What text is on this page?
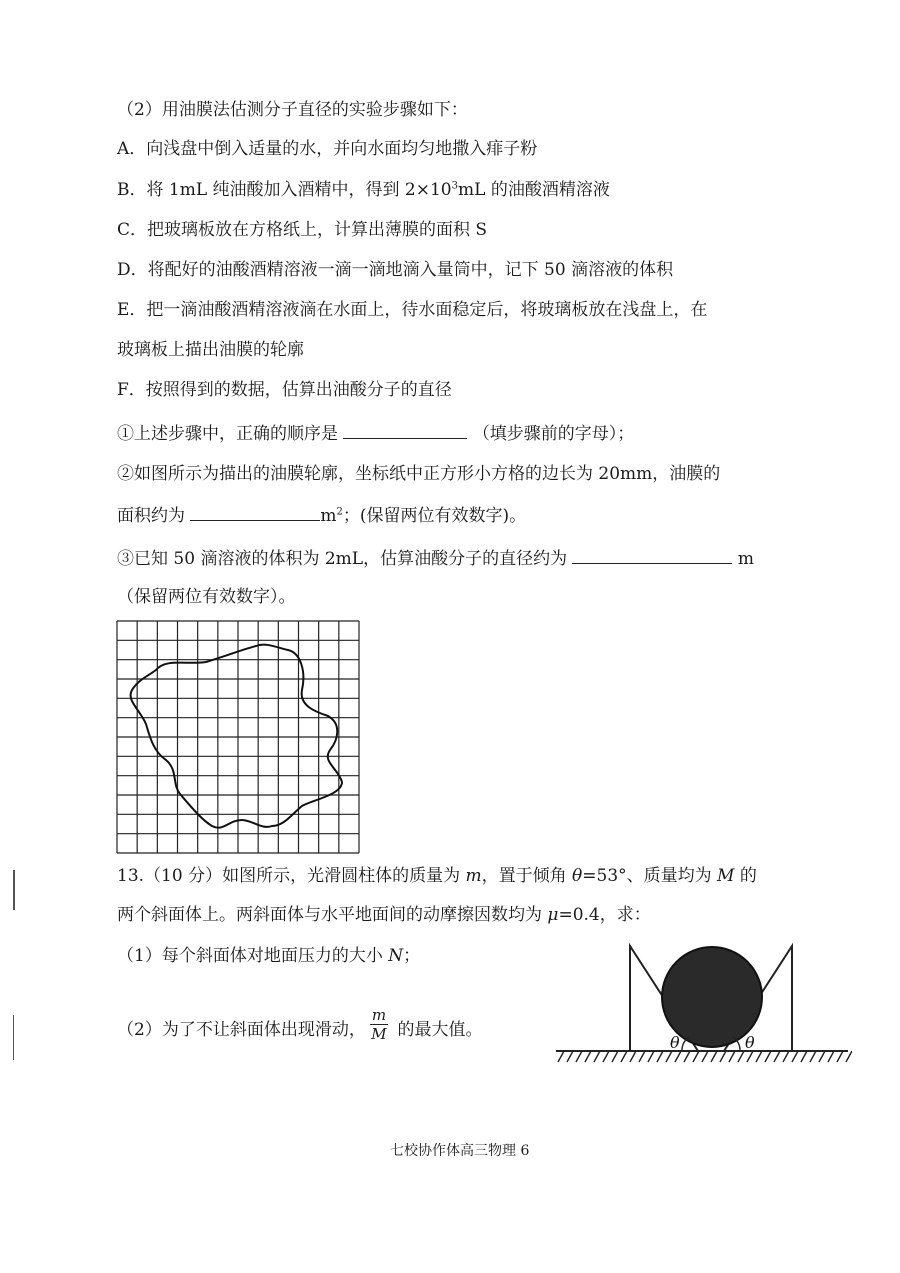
（2）用油膜法估测分子直径的实验步骤如下：
A．向浅盘中倒入适量的水，并向水面均匀地撒入痱子粉
B．将 1mL 纯油酸加入酒精中，得到 $2\times 10^3mL$ 的油酸酒精溶液
C．把玻璃板放在方格纸上，计算出薄膜的面积 S
D．将配好的油酸酒精溶液一滴一滴地滴入量筒中，记下 50 滴溶液的体积
E．把一滴油酸酒精溶液滴在水面上，待水面稳定后，将玻璃板放在浅盘上，在
玻璃板上描出油膜的轮廓
F．按照得到的数据，估算出油酸分子的直径
①上述步骤中，正确的顺序是	（填步骤前的字母）；
②如图所示为描出的油膜轮廓，坐标纸中正方形小方格的边长为 20mm，油膜的
面积约为	$m^2$；(保留两位有效数字)。
③已知 50 滴溶液的体积为 2mL，估算油酸分子的直径约为	m
（保留两位有效数字）。
13.（10 分）如图所示，光滑圆柱体的质量为 m，置于倾角 θ=53°、质量均为 M 的
两个斜面体上。两斜面体与水平地面间的动摩擦因数均为 μ=0.4，求：
（1）每个斜面体对地面压力的大小 N；
（2）为了不让斜面体出现滑动， $\frac{m}{M}$ 的最大值。
θ	θ
七校协作体高三物理 6
